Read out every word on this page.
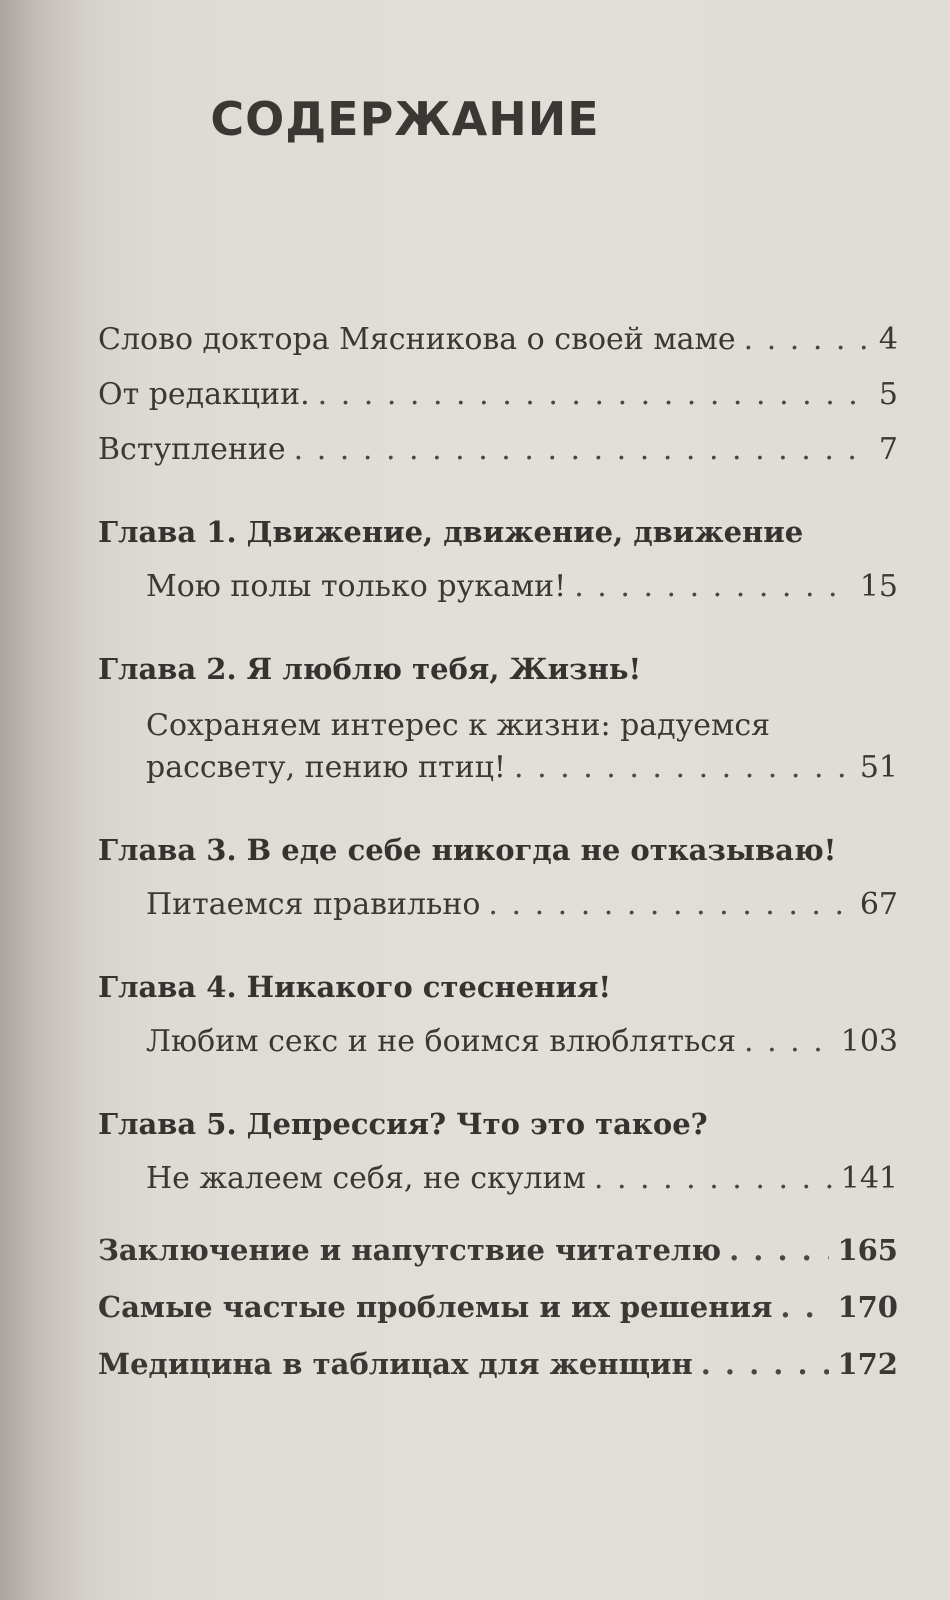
СОДЕРЖАНИЕ
Слово доктора Мясникова о своей маме . . .	4
От редакции. . . .	5
Вступление . . .	7
Глава 1. Движение, движение, движение
Мою полы только руками! . . .	15
Глава 2. Я люблю тебя, Жизнь!
Сохраняем интерес к жизни: радуемся
рассвету, пению птиц! . . .	51
Глава 3. В еде себе никогда не отказываю!
Питаемся правильно . . .	67
Глава 4. Никакого стеснения!
Любим секс и не боимся влюбляться . . .	103
Глава 5. Депрессия? Что это такое?
Не жалеем себя, не скулим . . .	141
Заключение и напутствие читателю . . .	165
Самые частые проблемы и их решения . . . 170
Медицина в таблицах для женщин . . .	172
